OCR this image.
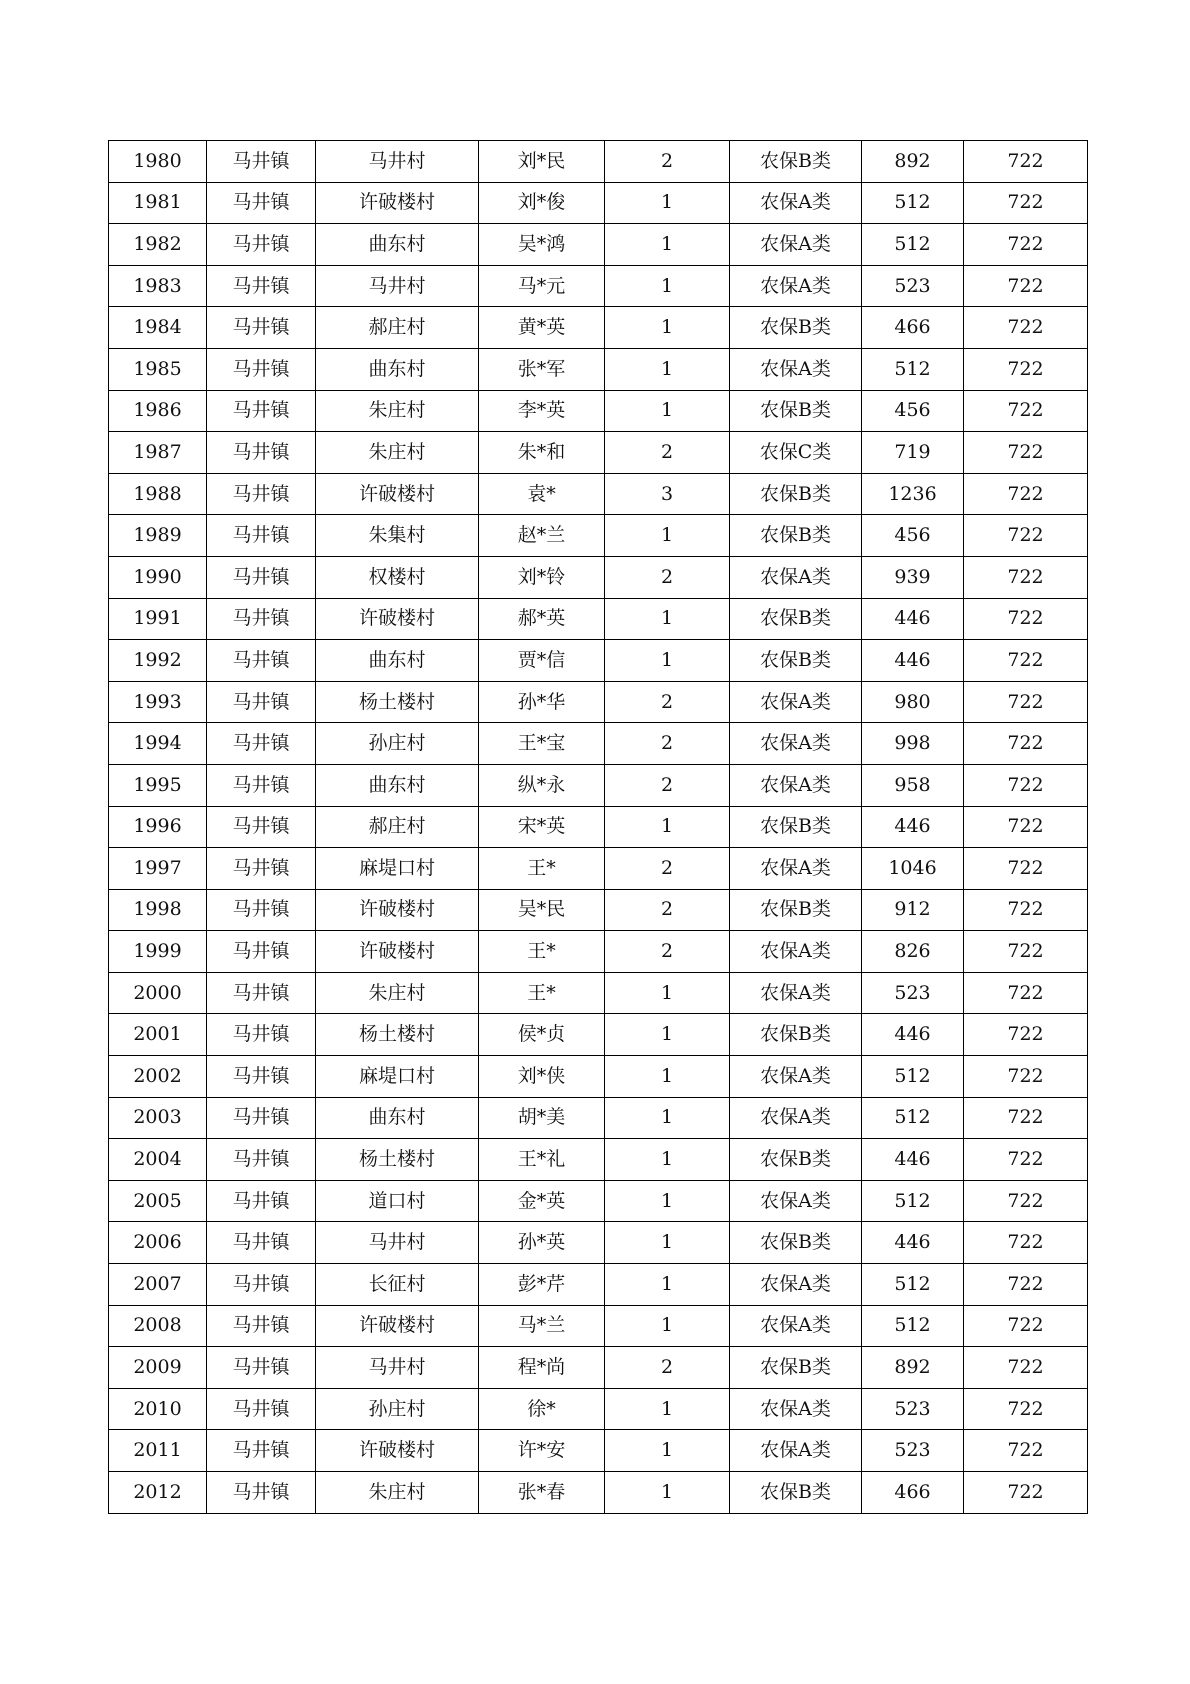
1980	马井镇	马井村	刘*民	2	农保B类	892	722
1981	马井镇	许破楼村	刘*俊	1	农保A类	512	722
1982	马井镇	曲东村	吴*鸿	1	农保A类	512	722
1983	马井镇	马井村	马*元	1	农保A类	523	722
1984	马井镇	郝庄村	黄*英	1	农保B类	466	722
1985	马井镇	曲东村	张*军	1	农保A类	512	722
1986	马井镇	朱庄村	李*英	1	农保B类	456	722
1987	马井镇	朱庄村	朱*和	2	农保C类	719	722
1988	马井镇	许破楼村	袁*	3	农保B类	1236	722
1989	马井镇	朱集村	赵*兰	1	农保B类	456	722
1990	马井镇	权楼村	刘*铃	2	农保A类	939	722
1991	马井镇	许破楼村	郝*英	1	农保B类	446	722
1992	马井镇	曲东村	贾*信	1	农保B类	446	722
1993	马井镇	杨土楼村	孙*华	2	农保A类	980	722
1994	马井镇	孙庄村	王*宝	2	农保A类	998	722
1995	马井镇	曲东村	纵*永	2	农保A类	958	722
1996	马井镇	郝庄村	宋*英	1	农保B类	446	722
1997	马井镇	麻堤口村	王*	2	农保A类	1046	722
1998	马井镇	许破楼村	吴*民	2	农保B类	912	722
1999	马井镇	许破楼村	王*	2	农保A类	826	722
2000	马井镇	朱庄村	王*	1	农保A类	523	722
2001	马井镇	杨土楼村	侯*贞	1	农保B类	446	722
2002	马井镇	麻堤口村	刘*侠	1	农保A类	512	722
2003	马井镇	曲东村	胡*美	1	农保A类	512	722
2004	马井镇	杨土楼村	王*礼	1	农保B类	446	722
2005	马井镇	道口村	金*英	1	农保A类	512	722
2006	马井镇	马井村	孙*英	1	农保B类	446	722
2007	马井镇	长征村	彭*芹	1	农保A类	512	722
2008	马井镇	许破楼村	马*兰	1	农保A类	512	722
2009	马井镇	马井村	程*尚	2	农保B类	892	722
2010	马井镇	孙庄村	徐*	1	农保A类	523	722
2011	马井镇	许破楼村	许*安	1	农保A类	523	722
2012	马井镇	朱庄村	张*春	1	农保B类	466	722
